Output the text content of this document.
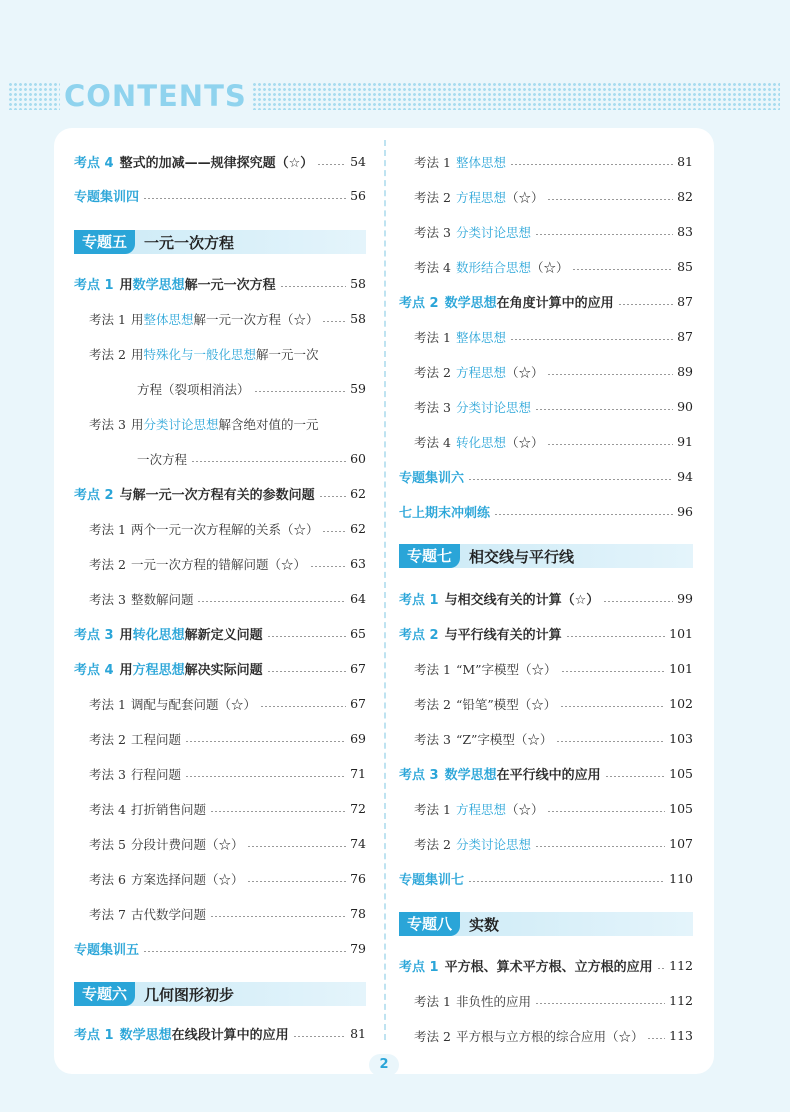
CONTENTS
考点 4 整式的加减——规律探究题（☆）	54
专题集训四	56
专题五	一元一次方程
考点 1 用数学思想解一元一次方程	58
考法 1 用整体思想解一元一次方程（☆）	58
考法 2 用特殊化与一般化思想解一元一次
方程（裂项相消法）	59
考法 3 用分类讨论思想解含绝对值的一元
一次方程	60
考点 2 与解一元一次方程有关的参数问题	62
考法 1 两个一元一次方程解的关系（☆）	62
考法 2 一元一次方程的错解问题（☆）	63
考法 3 整数解问题	64
考点 3 用转化思想解新定义问题	65
考点 4 用方程思想解决实际问题	67
考法 1 调配与配套问题（☆）	67
考法 2 工程问题	69
考法 3 行程问题	71
考法 4 打折销售问题	72
考法 5 分段计费问题（☆）	74
考法 6 方案选择问题（☆）	76
考法 7 古代数学问题	78
专题集训五	79
专题六	几何图形初步
考点 1 数学思想在线段计算中的应用	81
考法 1 整体思想	81
考法 2 方程思想（☆）	82
考法 3 分类讨论思想	83
考法 4 数形结合思想（☆）	85
考点 2 数学思想在角度计算中的应用	87
考法 1 整体思想	87
考法 2 方程思想（☆）	89
考法 3 分类讨论思想	90
考法 4 转化思想（☆）	91
专题集训六	94
七上期末冲刺练	96
专题七	相交线与平行线
考点 1 与相交线有关的计算（☆）	99
考点 2 与平行线有关的计算	101
考法 1 “M”字模型（☆）	101
考法 2 “铅笔”模型（☆）	102
考法 3 “Z”字模型（☆）	103
考点 3 数学思想在平行线中的应用	105
考法 1 方程思想（☆）	105
考法 2 分类讨论思想	107
专题集训七	110
专题八	实数
考点 1 平方根、算术平方根、立方根的应用 112
考法 1 非负性的应用	112
考法 2 平方根与立方根的综合应用（☆） 113
2
